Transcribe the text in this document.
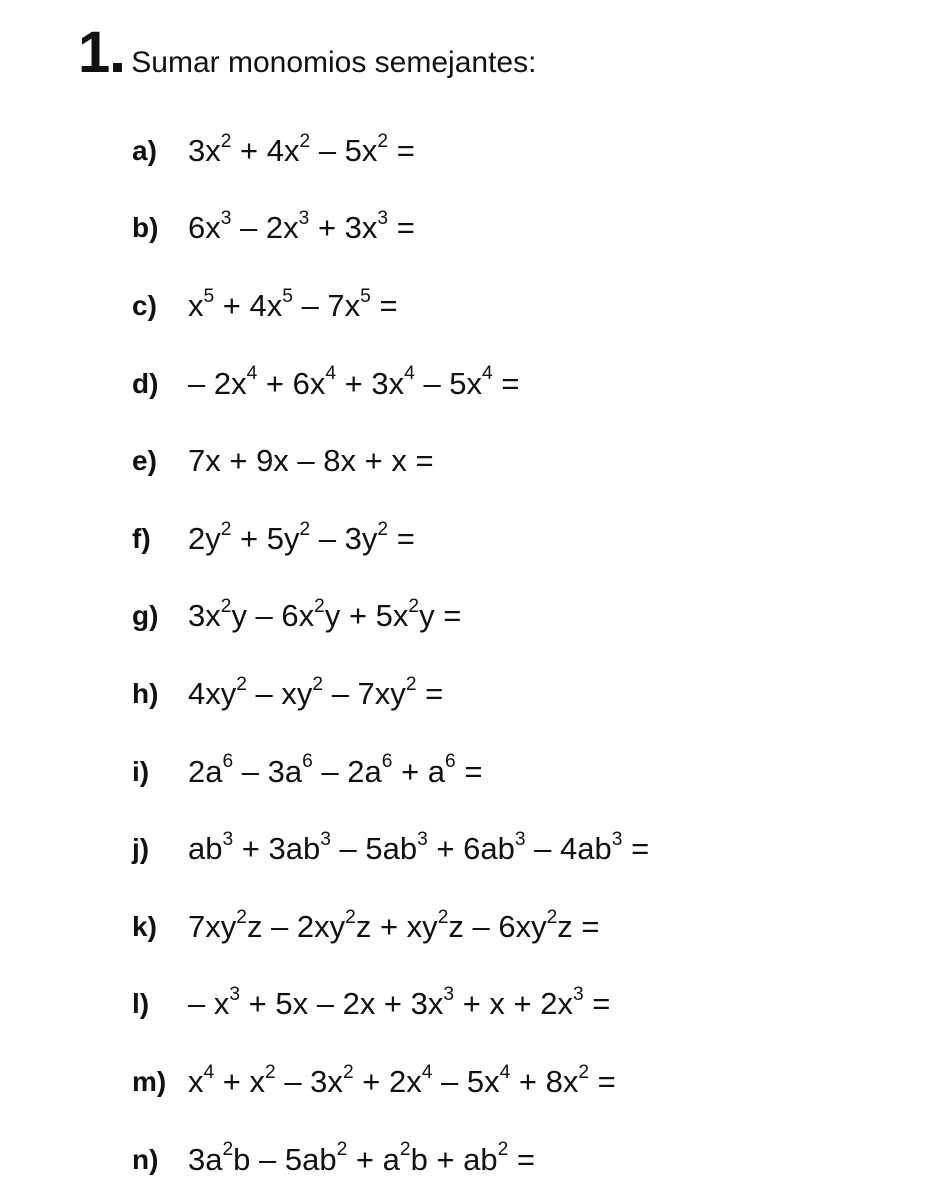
1 Sumar monomios semejantes:
a)	$3x^2 + 4x^2 - 5x^2$ =
b) $6x^3 - 2x^3 + 3x^3$ =
c)	$x^5 + 4x^5 - 7x^5$ =
$d) - 2x^4 + 6x^4 + 3x^4 - 5x^4$ =
e)	7x + 9x – 8x + x =
f)	$2y^2 + 5y^2 - 3y^2$ =
g) $3x^2y - 6x^2y + 5x^2y$ =
h) $4xy^2 - xy^2 - 7xy^2$ =
i)	$2a^6 - 3a^6 - 2a^6 + a^6$ =
j)	$ab^3 + 3ab^3 - 5ab^3 + 6ab^3 - 4ab^3$ =
k)	$7xy^2z - 2xy^2z + xy^2z - 6xy^2z$ =
l)	– $x^3 + 5x - 2x + 3x^3 + x + 2x^3$ =
m) $x^4 + x^2 - 3x^2 + 2x^4 - 5x^4 + 8x^2$ =
n) $3a^2b - 5ab^2 + a^2b + ab^2$ =
